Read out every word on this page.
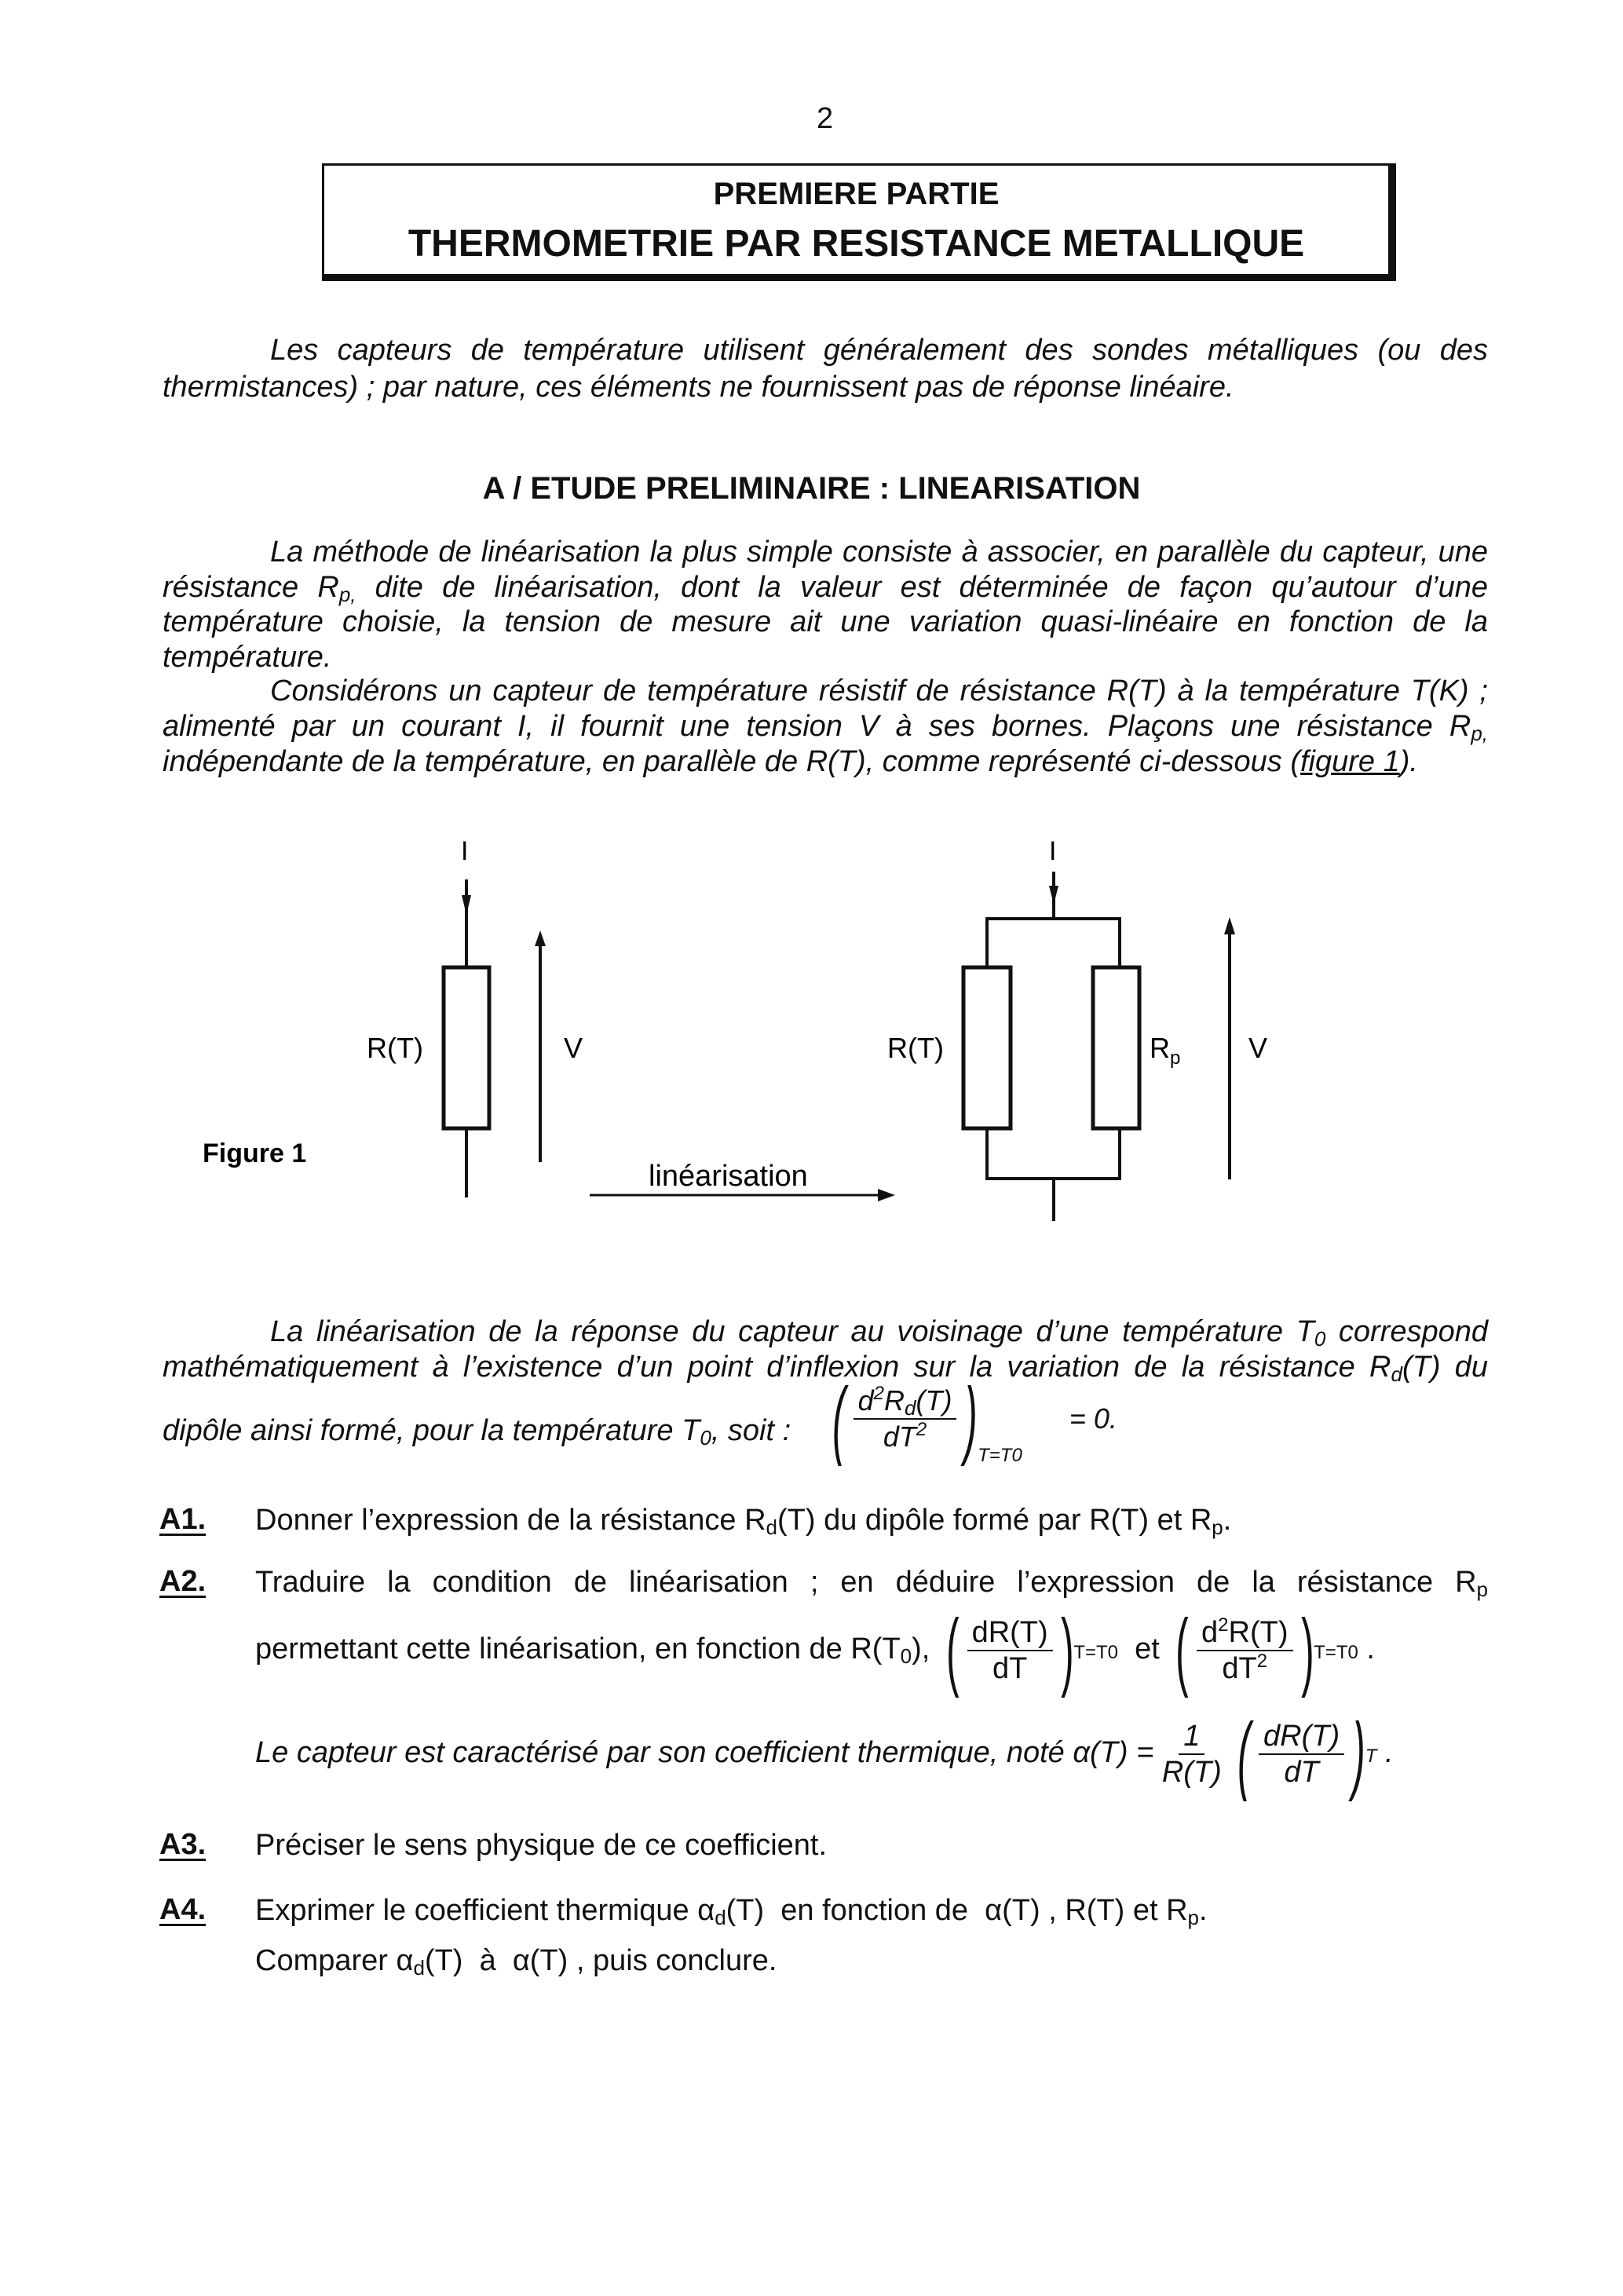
2
PREMIERE PARTIE
THERMOMETRIE PAR RESISTANCE METALLIQUE
Les capteurs de température utilisent généralement des sondes métalliques (ou des
thermistances) ; par nature, ces éléments ne fournissent pas de réponse linéaire.
A / ETUDE PRELIMINAIRE : LINEARISATION
La méthode de linéarisation la plus simple consiste à associer, en parallèle du capteur, une
résistance $R_{p,}$ dite de linéarisation, dont la valeur est déterminée de façon qu’autour d’une
température choisie, la tension de mesure ait une variation quasi-linéaire en fonction de la
température.
Considérons un capteur de température résistif de résistance R(T) à la température T(K) ;
alimenté par un courant I, il fournit une tension V à ses bornes. Plaçons une résistance $R_{p,}$
indépendante de la température, en parallèle de R(T), comme représenté ci-dessous (figure 1).
I	I
R(T)	R(T)
V	V
$R_p$
Figure 1
linéarisation
La linéarisation de la réponse du capteur au voisinage d’une température $T_0$ correspond
mathématiquement à l’existence d’un point d’inflexion sur la variation de la résistance $R_d(T)$ du
dipôle ainsi formé, pour la température $T_0$, soit : ( $\frac{d^2R_d(T)}{dT^2}$ ) T=T0
= 0.
A1. Donner l’expression de la résistance $R_d(T)$ du dipôle formé par R(T) et $R_p$.
A2. Traduire la condition de linéarisation ; en déduire l’expression de la résistance $R_p$
permettant cette linéarisation, en fonction de $R(T_0)$, ( $\frac{dR(T)}{dT}$ ) T=T0 et ( $\frac{d^2R(T)}{dT^2}$ ) T=T0 .
Le capteur est caractérisé par son coefficient thermique, noté $\alpha(T) = \frac{1}{R(T)}$
( $\frac{dR(T)}{dT}$ ) T .
A3. Préciser le sens physique de ce coefficient.
A4. Exprimer le coefficient thermique $\alpha_d(T)$  en fonction de  α(T) , R(T) et $R_p$.
Comparer $\alpha_d(T)$  à  α(T) , puis conclure.
